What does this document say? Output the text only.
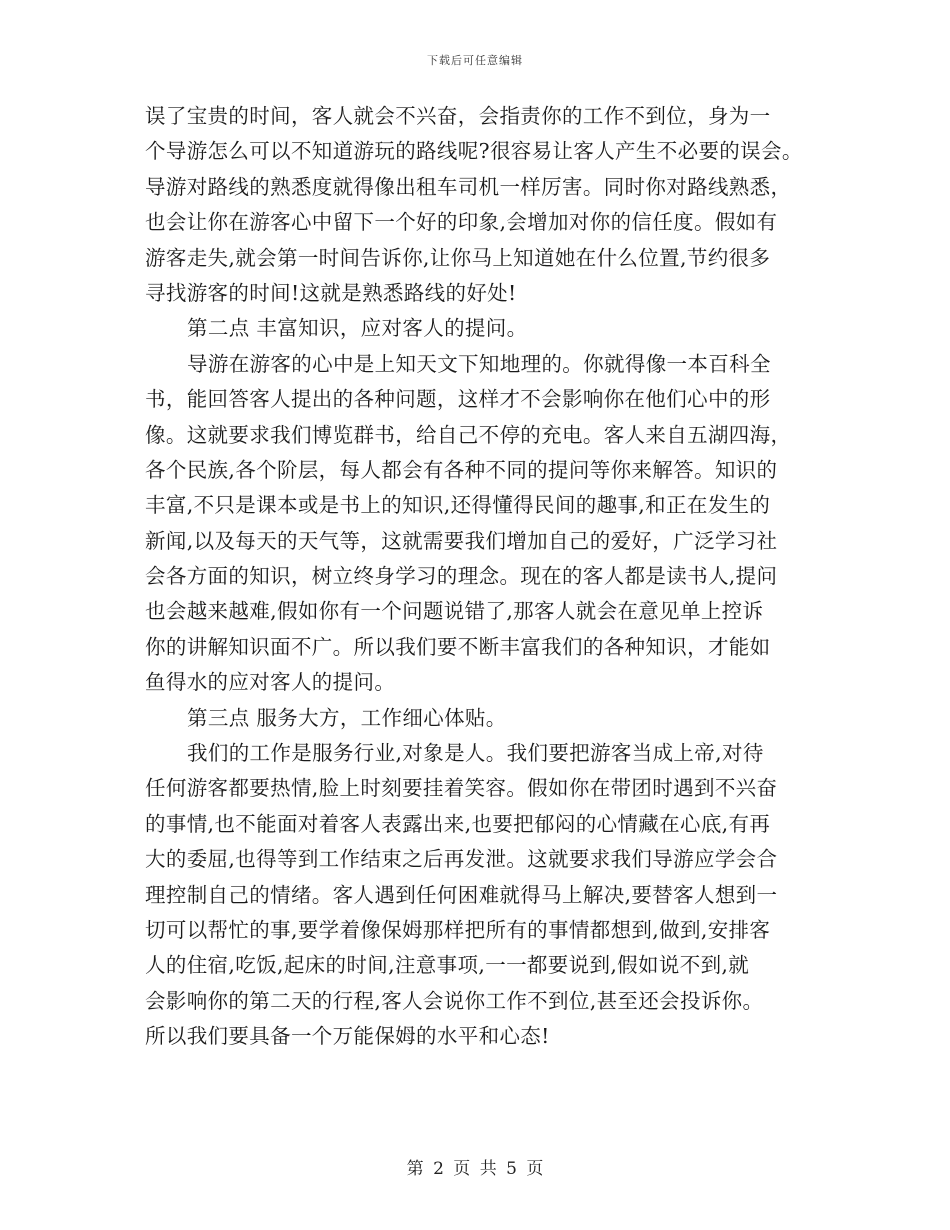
下载后可任意编辑
误了宝贵的时间，客人就会不兴奋，会指责你的工作不到位，身为一
个导游怎么可以不知道游玩的路线呢?很容易让客人产生不必要的误会。
导游对路线的熟悉度就得像出租车司机一样厉害。同时你对路线熟悉，
也会让你在游客心中留下一个好的印象,会增加对你的信任度。假如有
游客走失,就会第一时间告诉你,让你马上知道她在什么位置,节约很多
寻找游客的时间!这就是熟悉路线的好处!
第二点 丰富知识，应对客人的提问。
导游在游客的心中是上知天文下知地理的。你就得像一本百科全
书，能回答客人提出的各种问题，这样才不会影响你在他们心中的形
像。这就要求我们博览群书，给自己不停的充电。客人来自五湖四海，
各个民族,各个阶层，每人都会有各种不同的提问等你来解答。知识的
丰富,不只是课本或是书上的知识,还得懂得民间的趣事,和正在发生的
新闻,以及每天的天气等，这就需要我们增加自己的爱好，广泛学习社
会各方面的知识，树立终身学习的理念。现在的客人都是读书人,提问
也会越来越难,假如你有一个问题说错了,那客人就会在意见单上控诉
你的讲解知识面不广。所以我们要不断丰富我们的各种知识，才能如
鱼得水的应对客人的提问。
第三点 服务大方，工作细心体贴。
我们的工作是服务行业,对象是人。我们要把游客当成上帝,对待
任何游客都要热情,脸上时刻要挂着笑容。假如你在带团时遇到不兴奋
的事情,也不能面对着客人表露出来,也要把郁闷的心情藏在心底,有再
大的委屈,也得等到工作结束之后再发泄。这就要求我们导游应学会合
理控制自己的情绪。客人遇到任何困难就得马上解决,要替客人想到一
切可以帮忙的事,要学着像保姆那样把所有的事情都想到,做到,安排客
人的住宿,吃饭,起床的时间,注意事项,一一都要说到,假如说不到,就
会影响你的第二天的行程,客人会说你工作不到位,甚至还会投诉你。
所以我们要具备一个万能保姆的水平和心态!
第 2 页 共 5 页
